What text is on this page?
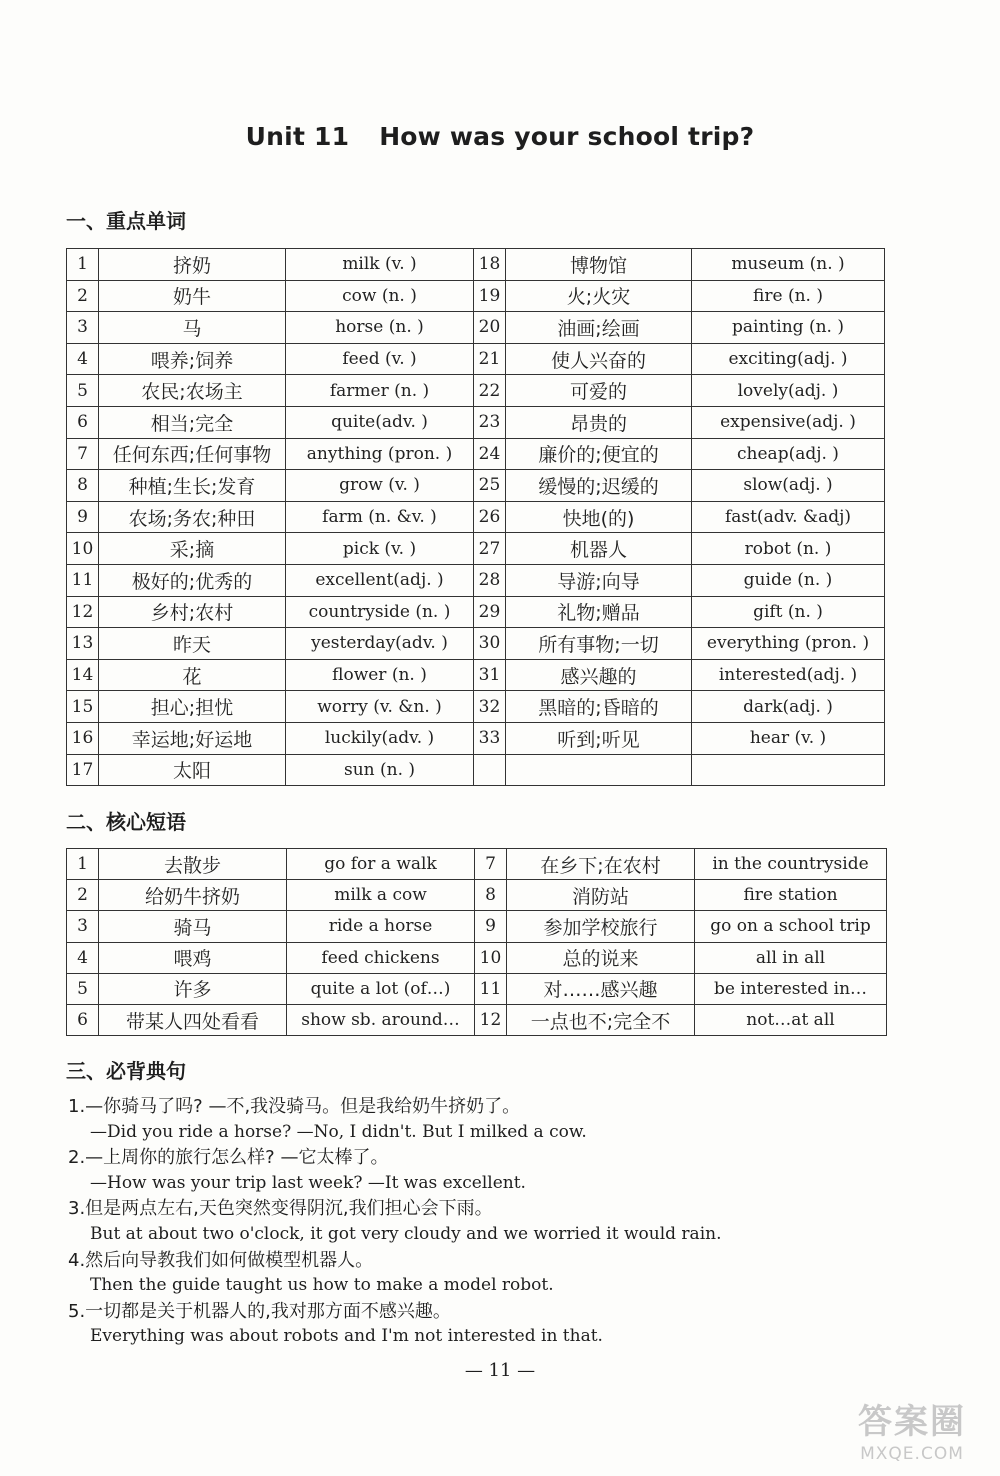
Unit 11 How was your school trip?
一、重点单词
1	挤奶	milk (v. )	18	博物馆	museum (n. )
2	奶牛	cow (n. )	19	火;火灾	fire (n. )
3	马	horse (n. )	20	油画;绘画	painting (n. )
4	喂养;饲养	feed (v. )	21	使人兴奋的	exciting(adj. )
5	农民;农场主	farmer (n. )	22	可爱的	lovely(adj. )
6	相当;完全	quite(adv. )	23	昂贵的	expensive(adj. )
7	任何东西;任何事物	anything (pron. )	24	廉价的;便宜的	cheap(adj. )
8	种植;生长;发育	grow (v. )	25	缓慢的;迟缓的	slow(adj. )
9	农场;务农;种田	farm (n. &v. )	26	快地(的)	fast(adv. &adj)
10	采;摘	pick (v. )	27	机器人	robot (n. )
11	极好的;优秀的	excellent(adj. )	28	导游;向导	guide (n. )
12	乡村;农村	countryside (n. )	29	礼物;赠品	gift (n. )
13	昨天	yesterday(adv. )	30	所有事物;一切	everything (pron. )
14	花	flower (n. )	31	感兴趣的	interested(adj. )
15	担心;担忧	worry (v. &n. )	32	黑暗的;昏暗的	dark(adj. )
16	幸运地;好运地	luckily(adv. )	33	听到;听见	hear (v. )
17	太阳	sun (n. )			
二、核心短语
1	去散步	go for a walk	7	在乡下;在农村	in the countryside
2	给奶牛挤奶	milk a cow	8	消防站	fire station
3	骑马	ride a horse	9	参加学校旅行	go on a school trip
4	喂鸡	feed chickens	10	总的说来	all in all
5	许多	quite a lot (of…)	11	对……感兴趣	be interested in…
6	带某人四处看看	show sb. around…	12	一点也不;完全不	not…at all
三、必背典句
1.—你骑马了吗? —不,我没骑马。但是我给奶牛挤奶了。
—Did you ride a horse? —No, I didn't. But I milked a cow.
2.—上周你的旅行怎么样? —它太棒了。
—How was your trip last week? —It was excellent.
3.但是两点左右,天色突然变得阴沉,我们担心会下雨。
But at about two o'clock, it got very cloudy and we worried it would rain.
4.然后向导教我们如何做模型机器人。
Then the guide taught us how to make a model robot.
5.一切都是关于机器人的,我对那方面不感兴趣。
Everything was about robots and I'm not interested in that.
— 11 —
答案圈
MXQE.COM
